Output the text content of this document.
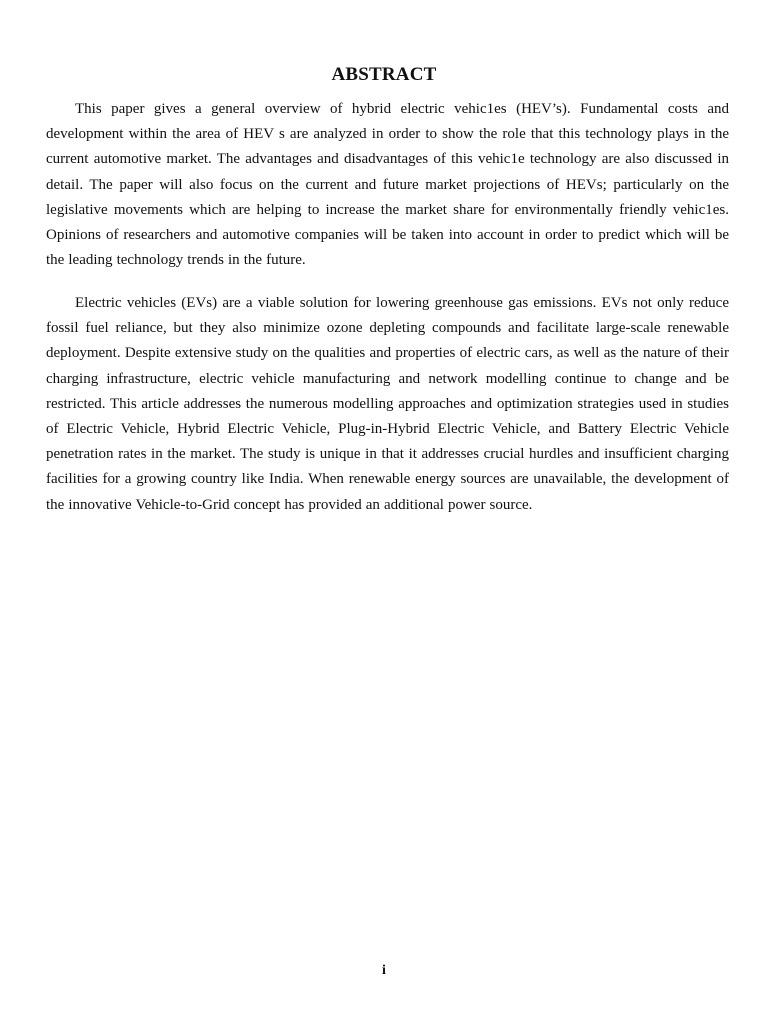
ABSTRACT

This paper gives a general overview of hybrid electric vehic1es (HEV’s). Fundamental costs and development within the area of HEV s are analyzed in order to show the role that this technology plays in the current automotive market. The advantages and disadvantages of this vehic1e technology are also discussed in detail. The paper will also focus on the current and future market projections of HEVs; particularly on the legislative movements which are helping to increase the market share for environmentally friendly vehic1es. Opinions of researchers and automotive companies will be taken into account in order to predict which will be the leading technology trends in the future.

Electric vehicles (EVs) are a viable solution for lowering greenhouse gas emissions. EVs not only reduce fossil fuel reliance, but they also minimize ozone depleting compounds and facilitate large-scale renewable deployment. Despite extensive study on the qualities and properties of electric cars, as well as the nature of their charging infrastructure, electric vehicle manufacturing and network modelling continue to change and be restricted. This article addresses the numerous modelling approaches and optimization strategies used in studies of Electric Vehicle, Hybrid Electric Vehicle, Plug-in-Hybrid Electric Vehicle, and Battery Electric Vehicle penetration rates in the market. The study is unique in that it addresses crucial hurdles and insufficient charging facilities for a growing country like India. When renewable energy sources are unavailable, the development of the innovative Vehicle-to-Grid concept has provided an additional power source.

i
